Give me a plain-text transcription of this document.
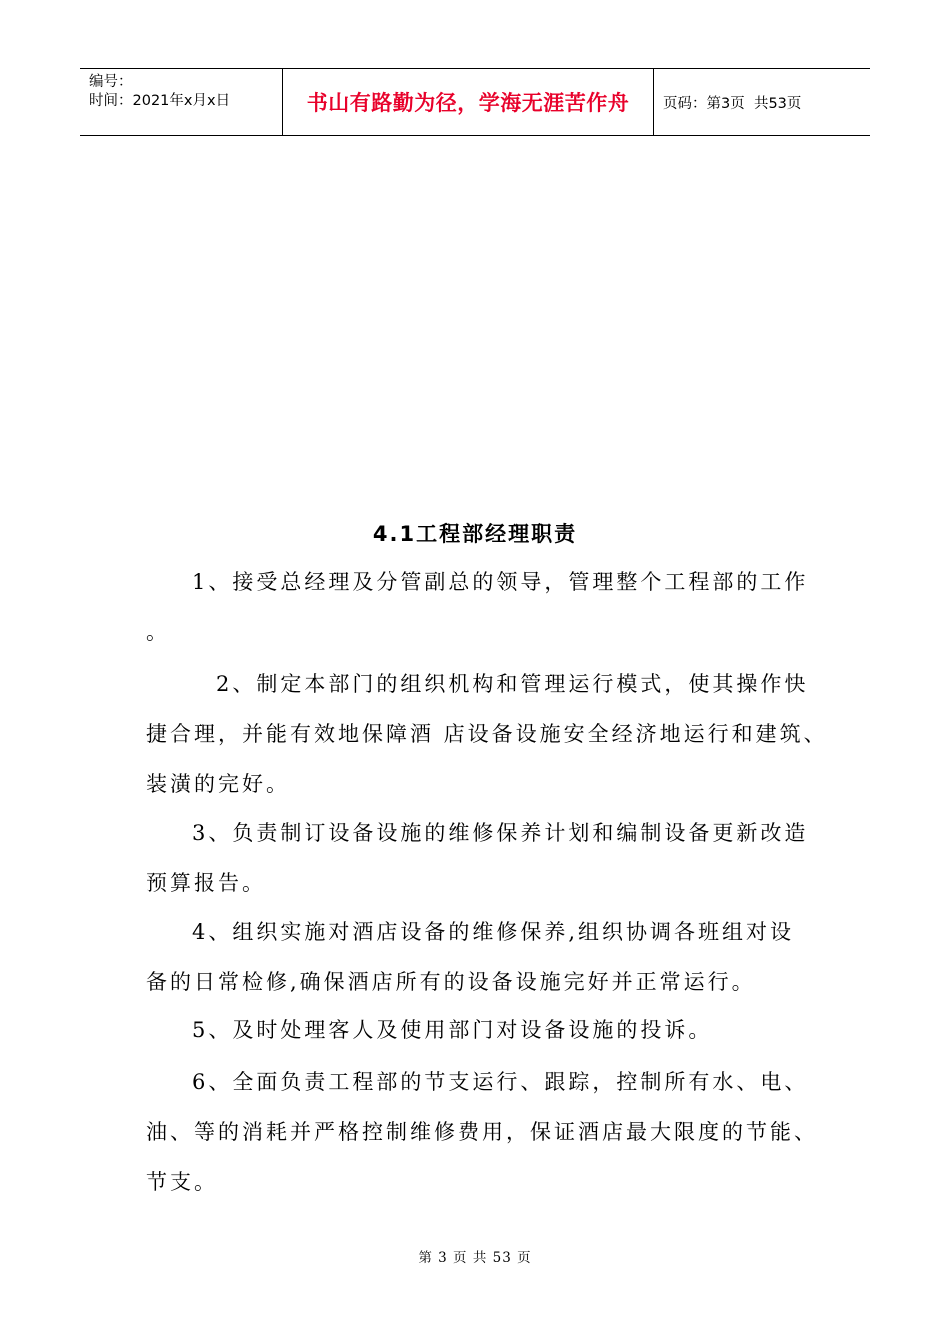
编号：
时间：2021年x月x日	书山有路勤为径，学海无涯苦作舟 页码：第3页  共53页
4.1工程部经理职责
1、接受总经理及分管副总的领导，管理整个工程部的工作
。
2、制定本部门的组织机构和管理运行模式，使其操作快
捷合理，并能有效地保障酒 店设备设施安全经济地运行和建筑、
装潢的完好。
3、负责制订设备设施的维修保养计划和编制设备更新改造
预算报告。
4、组织实施对酒店设备的维修保养,组织协调各班组对设
备的日常检修,确保酒店所有的设备设施完好并正常运行。
5、及时处理客人及使用部门对设备设施的投诉。
6、全面负责工程部的节支运行、跟踪，控制所有水、电、
油、等的消耗并严格控制维修费用，保证酒店最大限度的节能、
节支。
第 3 页 共 53 页
